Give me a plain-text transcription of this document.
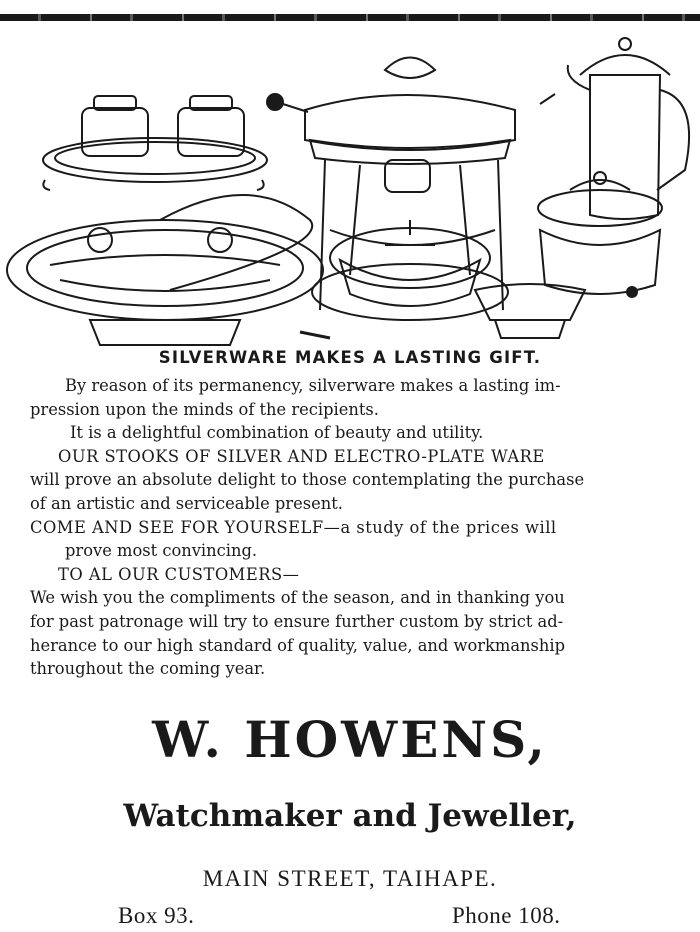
SILVERWARE MAKES A LASTING GIFT.
By reason of its permanency, silverware makes a lasting im-
pression upon the minds of the recipients.
It is a delightful combination of beauty and utility.
OUR STOOKS OF SILVER AND ELECTRO-PLATE WARE
will prove an absolute delight to those contemplating the purchase
of an artistic and serviceable present.
COME AND SEE FOR YOURSELF—a study of the prices will
prove most convincing.
TO AL OUR CUSTOMERS—
We wish you the compliments of the season, and in thanking you
for past patronage will try to ensure further custom by strict ad-
herance to our high standard of quality, value, and workmanship
throughout the coming year.
W. HOWENS,
Watchmaker and Jeweller,
MAIN STREET, TAIHAPE.
Box 93.	Phone 108.
